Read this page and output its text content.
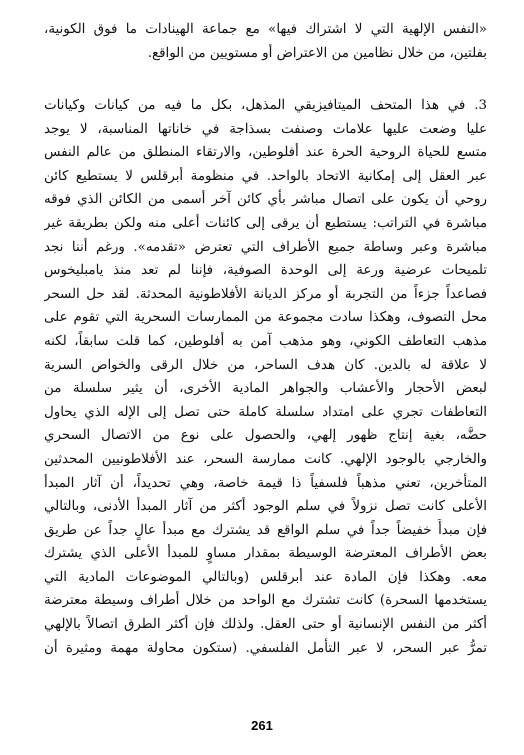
«النفس الإلهية التي لا اشتراك فيها» مع جماعة الهينادات ما فوق الكونية،
بفلتين، من خلال نظامين من الاعتراض أو مستويين من الواقع.
3. في هذا المتحف الميتافيزيقي المذهل، بكل ما فيه من كيانات وكيانات
عليا وضعت عليها علامات وصنفت بسذاجة في خاناتها المناسبة، لا يوجد
متسع للحياة الروحية الحرة عند أفلوطين، والارتقاء المنطلق من عالم النفس
عبر العقل إلى إمكانية الاتحاد بالواحد. في منظومة أبرقلس لا يستطيع كائن
روحي أن يكون على اتصال مباشر بأي كائن آخر أسمى من الكائن الذي فوقه
مباشرة في التراتب: يستطيع أن يرقى إلى كائنات أعلى منه ولكن بطريقة غير
مباشرة وعبر وساطة جميع الأطراف التي تعترض «تقدمه». ورغم أننا نجد
تلميحات عرضية ورعة إلى الوحدة الصوفية، فإننا لم تعد منذ يامبليخوس
فصاعداً جزءاً من التجربة أو مركز الديانة الأفلاطونية المحدثة. لقد حل السحر
محل التصوف، وهكذا سادت مجموعة من الممارسات السحرية التي تقوم على
مذهب التعاطف الكوني، وهو مذهب آمن به أفلوطين، كما قلت سابقاً، لكنه
لا علاقة له بالدين. كان هدف الساحر، من خلال الرقى والخواص السرية
لبعض الأحجار والأعشاب والجواهر المادية الأخرى، أن يثير سلسلة من
التعاطفات تجري على امتداد سلسلة كاملة حتى تصل إلى الإله الذي يحاول
حضَّه، بغية إنتاج ظهور إلهي، والحصول على نوع من الاتصال السحري
والخارجي بالوجود الإلهي. كانت ممارسة السحر، عند الأفلاطونيين المحدثين
المتأخرين، تعني مذهباً فلسفياً ذا قيمة خاصة، وهي تحديداً، أن آثار المبدأ
الأعلى كانت تصل نزولاً في سلم الوجود أكثر من آثار المبدأ الأدنى، وبالتالي
فإن مبدأً خفيضاً جداً في سلم الواقع قد يشترك مع مبدأ عالٍ جداً عن طريق
بعض الأطراف المعترضة الوسيطة بمقدار مساوٍ للمبدأ الأعلى الذي يشترك
معه. وهكذا فإن المادة عند أبرقلس (وبالتالي الموضوعات المادية التي
يستخدمها السحرة) كانت تشترك مع الواحد من خلال أطراف وسيطة معترضة
أكثر من النفس الإنسانية أو حتى العقل. ولذلك فإن أكثر الطرق اتصالاً بالإلهي
تمرُّ عبر السحر، لا عبر التأمل الفلسفي. (ستكون محاولة مهمة ومثيرة أن
261
